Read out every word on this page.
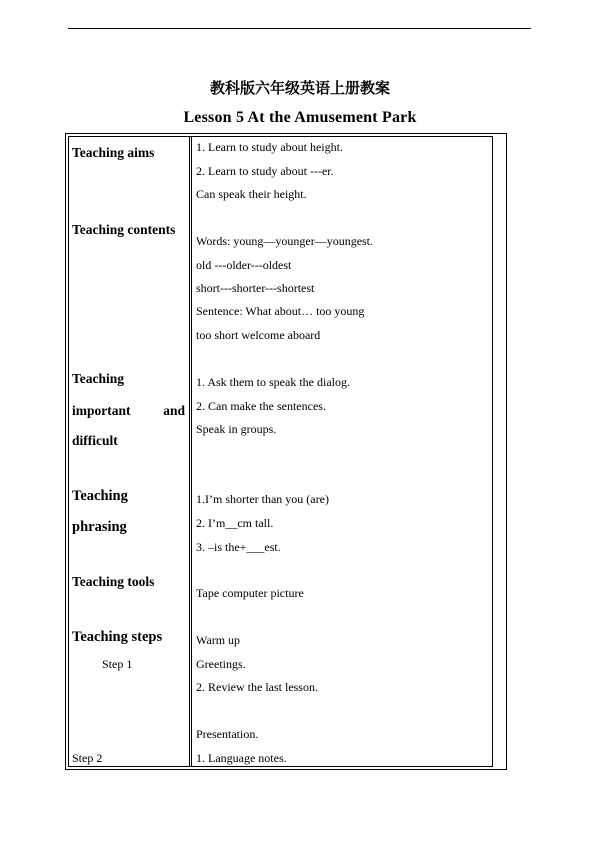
教科版六年级英语上册教案
Lesson 5 At the Amusement Park
Teaching aims
Teaching contents
Teaching
important and
difficult
Teaching
phrasing
Teaching tools
Teaching steps
Step 1
Step 2
1. Learn to study about height.
2. Learn to study about ---er.
Can speak their height.
Words: young—younger—youngest.
old ---older---oldest
short---shorter---shortest
Sentence: What about… too young
too short welcome aboard
1. Ask them to speak the dialog.
2. Can make the sentences.
Speak in groups.
1.I’m shorter than you (are)
2. I’m__cm tall.
3. –is the+___est.
Tape computer picture
Warm up
Greetings.
2. Review the last lesson.
Presentation.
1. Language notes.
